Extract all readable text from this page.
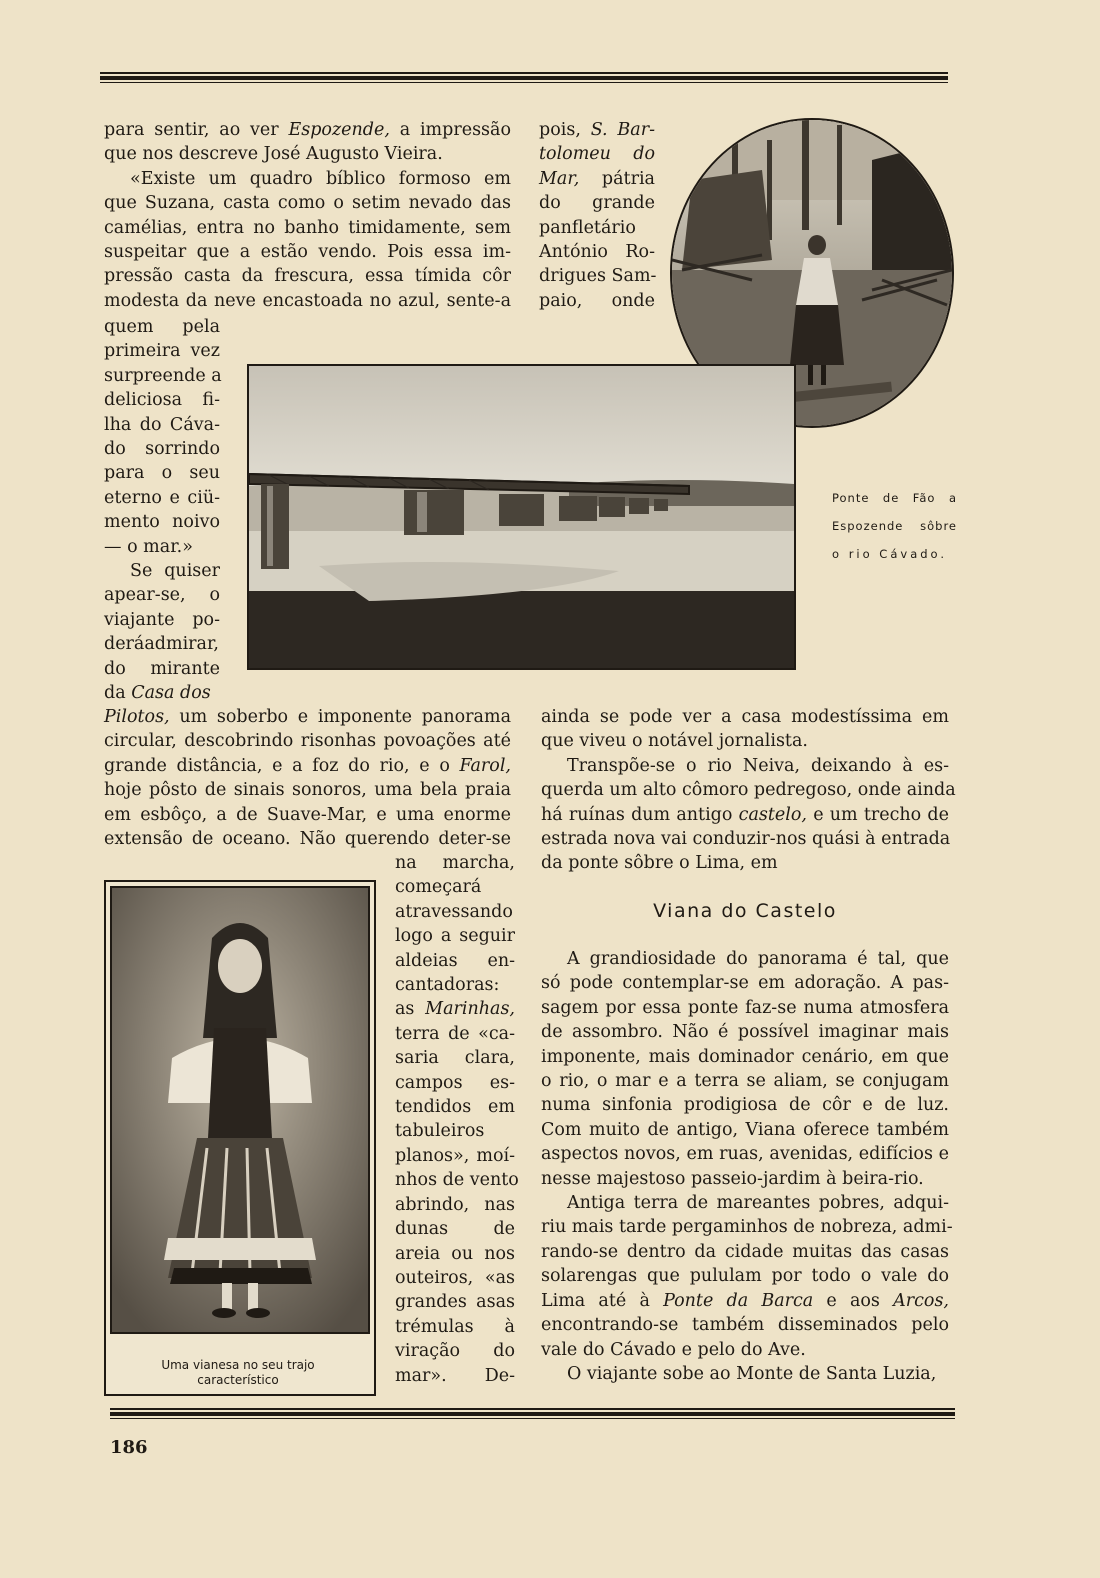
para sentir, ao ver Espozende, a impressão
que nos descreve José Augusto Vieira.
«Existe um quadro bíblico formoso em
que Suzana, casta como o setim nevado das
camélias, entra no banho timidamente, sem
suspeitar que a estão vendo. Pois essa im-
pressão casta da frescura, essa tímida côr
modesta da neve encastoada no azul, sente-a
pois, S. Bar-
tolomeu do
Mar, pátria
do grande
panfletário
António Ro-
drigues Sam-
paio, onde
quem pela
primeira vez
surpreende a
deliciosa fi-
lha do Cáva-
do sorrindo
para o seu
eterno e ciü-
mento noivo
— o mar.»
Se quiser
apear-se, o
viajante po-
deráadmirar,
do mirante
da Casa dos
Ponte de Fão a
Espozende sôbre
o rio Cávado.
Pilotos, um soberbo e imponente panorama
circular, descobrindo risonhas povoações até
grande distância, e a foz do rio, e o Farol,
hoje pôsto de sinais sonoros, uma bela praia
em esbôço, a de Suave-Mar, e uma enorme
extensão de oceano. Não querendo deter-se
Uma vianesa no seu trajo
característico
na marcha,
começará
atravessando
logo a seguir
aldeias en-
cantadoras:
as Marinhas,
terra de «ca-
saria clara,
campos es-
tendidos em
tabuleiros
planos», moí-
nhos de vento
abrindo, nas
dunas de
areia ou nos
outeiros, «as
grandes asas
trémulas à
viração do
mar». De-
ainda se pode ver a casa modestíssima em
que viveu o notável jornalista.
Transpõe-se o rio Neiva, deixando à es-
querda um alto cômoro pedregoso, onde ainda
há ruínas dum antigo castelo, e um trecho de
estrada nova vai conduzir-nos quási à entrada
da ponte sôbre o Lima, em
Viana do Castelo
A grandiosidade do panorama é tal, que
só pode contemplar-se em adoração. A pas-
sagem por essa ponte faz-se numa atmosfera
de assombro. Não é possível imaginar mais
imponente, mais dominador cenário, em que
o rio, o mar e a terra se aliam, se conjugam
numa sinfonia prodigiosa de côr e de luz.
Com muito de antigo, Viana oferece também
aspectos novos, em ruas, avenidas, edifícios e
nesse majestoso passeio-jardim à beira-rio.
Antiga terra de mareantes pobres, adqui-
riu mais tarde pergaminhos de nobreza, admi-
rando-se dentro da cidade muitas das casas
solarengas que pululam por todo o vale do
Lima até à Ponte da Barca e aos Arcos,
encontrando-se também disseminados pelo
vale do Cávado e pelo do Ave.
O viajante sobe ao Monte de Santa Luzia,
186
